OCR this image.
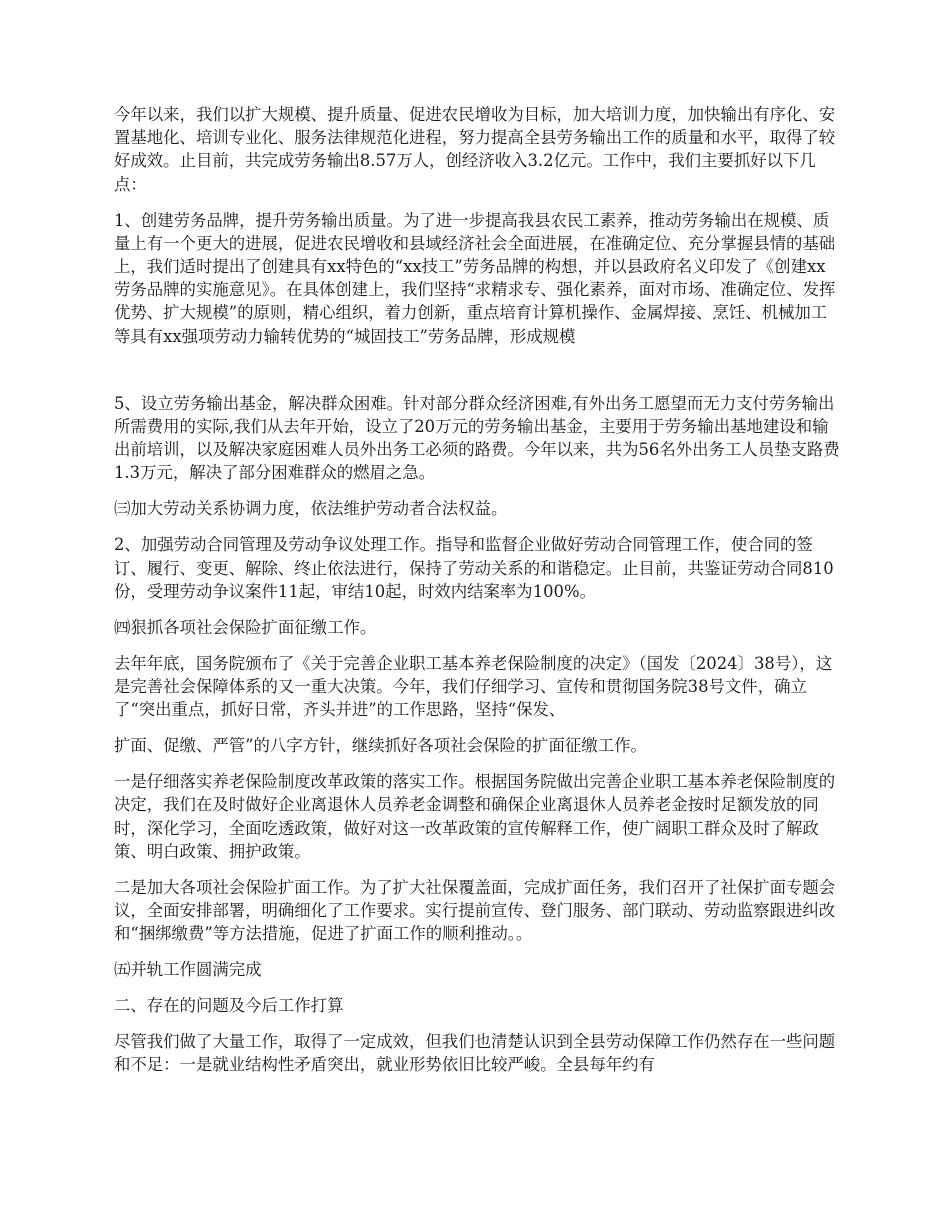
今年以来，我们以扩大规模、提升质量、促进农民增收为目标，加大培训力度，加快输出有序化、安置基地化、培训专业化、服务法律规范化进程，努力提高全县劳务输出工作的质量和水平，取得了较好成效。止目前，共完成劳务输出8.57万人，创经济收入3.2亿元。工作中，我们主要抓好以下几点：

1、创建劳务品牌，提升劳务输出质量。为了进一步提高我县农民工素养，推动劳务输出在规模、质量上有一个更大的进展，促进农民增收和县域经济社会全面进展，在准确定位、充分掌握县情的基础上，我们适时提出了创建具有xx特色的“xx技工”劳务品牌的构想，并以县政府名义印发了《创建xx劳务品牌的实施意见》。在具体创建上，我们坚持“求精求专、强化素养，面对市场、准确定位、发挥优势、扩大规模”的原则，精心组织，着力创新，重点培育计算机操作、金属焊接、烹饪、机械加工等具有xx强项劳动力输转优势的“城固技工”劳务品牌，形成规模

5、设立劳务输出基金，解决群众困难。针对部分群众经济困难,有外出务工愿望而无力支付劳务输出所需费用的实际,我们从去年开始，设立了20万元的劳务输出基金，主要用于劳务输出基地建设和输出前培训，以及解决家庭困难人员外出务工必须的路费。今年以来，共为56名外出务工人员垫支路费1.3万元，解决了部分困难群众的燃眉之急。

㈢加大劳动关系协调力度，依法维护劳动者合法权益。

2、加强劳动合同管理及劳动争议处理工作。指导和监督企业做好劳动合同管理工作，使合同的签订、履行、变更、解除、终止依法进行，保持了劳动关系的和谐稳定。止目前，共鉴证劳动合同810份，受理劳动争议案件11起，审结10起，时效内结案率为100%。

㈣狠抓各项社会保险扩面征缴工作。

去年年底，国务院颁布了《关于完善企业职工基本养老保险制度的决定》（国发〔2024〕38号），这是完善社会保障体系的又一重大决策。今年，我们仔细学习、宣传和贯彻国务院38号文件，确立了“突出重点，抓好日常，齐头并进”的工作思路，坚持“保发、

扩面、促缴、严管”的八字方针，继续抓好各项社会保险的扩面征缴工作。

一是仔细落实养老保险制度改革政策的落实工作。根据国务院做出完善企业职工基本养老保险制度的决定，我们在及时做好企业离退休人员养老金调整和确保企业离退休人员养老金按时足额发放的同时，深化学习，全面吃透政策，做好对这一改革政策的宣传解释工作，使广阔职工群众及时了解政策、明白政策、拥护政策。

二是加大各项社会保险扩面工作。为了扩大社保覆盖面，完成扩面任务，我们召开了社保扩面专题会议，全面安排部署，明确细化了工作要求。实行提前宣传、登门服务、部门联动、劳动监察跟进纠改和“捆绑缴费”等方法措施，促进了扩面工作的顺利推动。。

㈤并轨工作圆满完成

二、存在的问题及今后工作打算

尽管我们做了大量工作，取得了一定成效，但我们也清楚认识到全县劳动保障工作仍然存在一些问题和不足：一是就业结构性矛盾突出，就业形势依旧比较严峻。全县每年约有
